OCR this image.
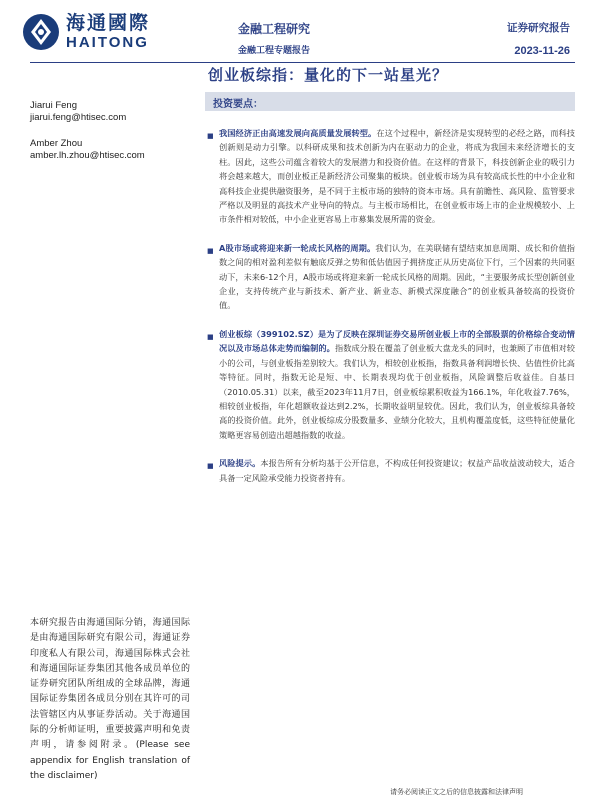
海通國際
HAITONG
金融工程研究
金融工程专题报告
证券研究报告
2023-11-26
创业板综指：量化的下一站星光？
Jiarui Feng
jiarui.feng@htisec.com
Amber Zhou
amber.lh.zhou@htisec.com
投资要点：
■ 我国经济正由高速发展向高质量发展转型。在这个过程中，新经济是实现转型的必经之路，而科技创新则是动力引擎。以科研成果和技术创新为内在驱动力的企业，将成为我国未来经济增长的支柱。因此，这些公司蕴含着较大的发展潜力和投资价值。在这样的背景下，科技创新企业的吸引力将会越来越大，而创业板正是新经济公司聚集的板块。创业板市场为具有较高成长性的中小企业和高科技企业提供融资服务，是不同于主板市场的独特的资本市场。具有前瞻性、高风险、监管要求严格以及明显的高技术产业导向的特点。与主板市场相比，在创业板市场上市的企业规模较小、上市条件相对较低，中小企业更容易上市募集发展所需的资金。
■ A股市场或将迎来新一轮成长风格的周期。我们认为，在美联储有望结束加息周期、成长和价值指数之间的相对盈利差似有触底反弹之势和低估值因子拥挤度正从历史高位下行，三个因素的共同驱动下，未来6-12个月，A股市场或将迎来新一轮成长风格的周期。因此，“主要服务成长型创新创业企业，支持传统产业与新技术、新产业、新业态、新模式深度融合”的创业板具备较高的投资价值。
■ 创业板综（399102.SZ）是为了反映在深圳证券交易所创业板上市的全部股票的价格综合变动情况以及市场总体走势而编制的。指数成分股在覆盖了创业板大盘龙头的同时，也兼顾了市值相对较小的公司，与创业板指差别较大。我们认为，相较创业板指，指数具备利润增长快、估值性价比高等特征。同时，指数无论是短、中、长期表现均优于创业板指，风险调整后收益佳。自基日（2010.05.31）以来，截至2023年11月7日，创业板综累积收益为166.1%，年化收益7.76%，相较创业板指，年化超额收益达到2.2%，长期收益明显较优。因此，我们认为，创业板综具备较高的投资价值。此外，创业板综成分股数量多、业绩分化较大，且机构覆盖度低，这些特征使量化策略更容易创造出超越指数的收益。
■ 风险提示。本报告所有分析均基于公开信息，不构成任何投资建议；权益产品收益波动较大，适合具备一定风险承受能力投资者持有。
本研究报告由海通国际分销，海通国际是由海通国际研究有限公司，海通证券印度私人有限公司，海通国际株式会社和海通国际证券集团其他各成员单位的证券研究团队所组成的全球品牌，海通国际证券集团各成员分别在其许可的司法管辖区内从事证券活动。关于海通国际的分析师证明，重要披露声明和免责声明，请参阅附录。(Please see appendix for English translation of the disclaimer)
请务必阅读正文之后的信息披露和法律声明
